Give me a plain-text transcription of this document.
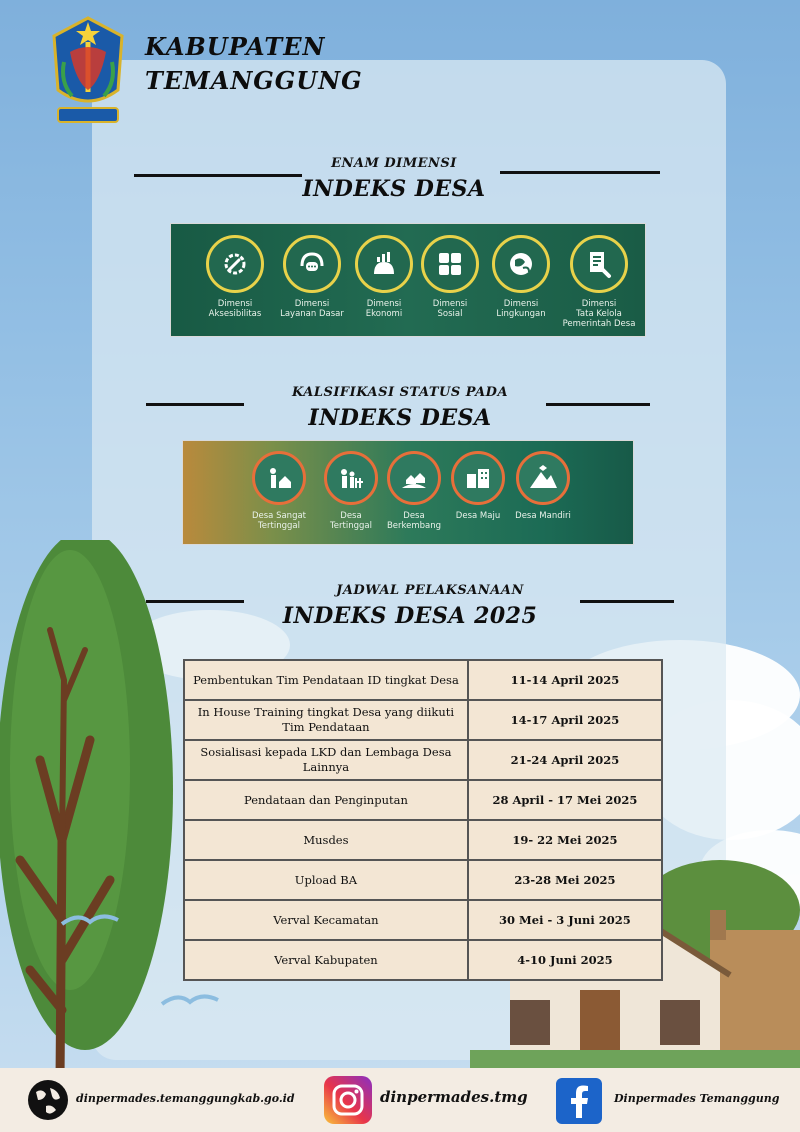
KABUPATEN
TEMANGGUNG
ENAM DIMENSI
INDEKS DESA
Dimensi
Aksesibilitas
Dimensi
Layanan Dasar
Dimensi
Ekonomi
Dimensi
Sosial
Dimensi
Lingkungan
Dimensi
Tata Kelola
Pemerintah Desa
KALSIFIKASI STATUS PADA
INDEKS DESA
Desa Sangat
Tertinggal
Desa
Tertinggal
Desa
Berkembang
Desa Maju	Desa Mandiri
JADWAL PELAKSANAAN
INDEKS DESA 2025
Pembentukan Tim Pendataan ID tingkat Desa	11-14 April 2025
In House Training tingkat Desa yang diikuti Tim Pendataan	14-17 April 2025
Sosialisasi kepada LKD dan Lembaga Desa Lainnya	21-24 April 2025
Pendataan dan Penginputan	28 April - 17 Mei 2025
Musdes	19- 22 Mei 2025
Upload BA	23-28 Mei 2025
Verval Kecamatan	30 Mei - 3 Juni 2025
Verval Kabupaten	4-10 Juni 2025
dinpermades.temanggungkab.go.id	dinpermades.tmg	Dinpermades Temanggung
